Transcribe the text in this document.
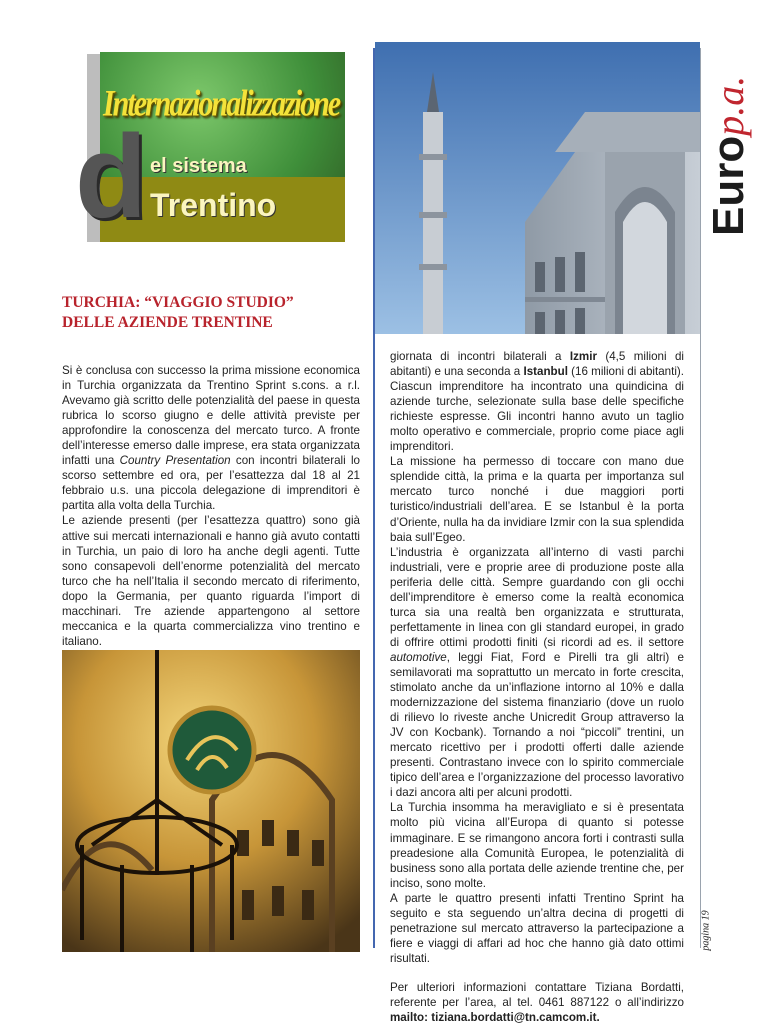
Internazionalizzazione
d el sistema
Trentino	Europ.a.
TURCHIA: “VIAGGIO STUDIO”
DELLE AZIENDE TRENTINE

Si è conclusa con successo la prima missione economica in Turchia organizzata da Trentino Sprint s.cons. a r.l. Avevamo già scritto delle potenzialità del paese in questa rubrica lo scorso giugno e delle attività previste per approfondire la conoscenza del mercato turco. A fronte dell’interesse emerso dalle imprese, era stata organizzata infatti una Country Presentation con incontri bilaterali lo scorso settembre ed ora, per l’esattezza dal 18 al 21 febbraio u.s. una piccola delegazione di imprenditori è partita alla volta della Turchia.

Le aziende presenti (per l’esattezza quattro) sono già attive sui mercati internazionali e hanno già avuto contatti in Turchia, un paio di loro ha anche degli agenti. Tutte sono consapevoli dell’enorme potenzialità del mercato turco che ha nell’Italia il secondo mercato di riferimento, dopo la Germania, per quanto riguarda l’import di macchinari. Tre aziende appartengono al settore meccanica e la quarta commercializza vino trentino e italiano.

giornata di incontri bilaterali a Izmir (4,5 milioni di abitanti) e una seconda a Istanbul (16 milioni di abitanti). Ciascun imprenditore ha incontrato una quindicina di aziende turche, selezionate sulla base delle specifiche richieste espresse. Gli incontri hanno avuto un taglio molto operativo e commerciale, proprio come piace agli imprenditori.

La missione ha permesso di toccare con mano due splendide città, la prima e la quarta per importanza sul mercato turco nonché i due maggiori porti turistico/industriali dell’area. E se Istanbul è la porta d’Oriente, nulla ha da invidiare Izmir con la sua splendida baia sull’Egeo.

L’industria è organizzata all’interno di vasti parchi industriali, vere e proprie aree di produzione poste alla periferia delle città. Sempre guardando con gli occhi dell’imprenditore è emerso come la realtà economica turca sia una realtà ben organizzata e strutturata, perfettamente in linea con gli standard europei, in grado di offrire ottimi prodotti finiti (si ricordi ad es. il settore automotive, leggi Fiat, Ford e Pirelli tra gli altri) e semilavorati ma soprattutto un mercato in forte crescita, stimolato anche da un’inflazione intorno al 10% e dalla modernizzazione del sistema finanziario (dove un ruolo di rilievo lo riveste anche Unicredit Group attraverso la JV con Kocbank). Tornando a noi “piccoli” trentini, un mercato ricettivo per i prodotti offerti dalle aziende presenti. Contrastano invece con lo spirito commerciale tipico dell’area e l’organizzazione del processo lavorativo i dazi ancora alti per alcuni prodotti.

La Turchia insomma ha meravigliato e si è presentata molto più vicina all’Europa di quanto si potesse immaginare. E se rimangono ancora forti i contrasti sulla preadesione alla Comunità Europea, le potenzialità di business sono alla portata delle aziende trentine che, per inciso, sono molte.

A parte le quattro presenti infatti Trentino Sprint ha seguito e sta seguendo un’altra decina di progetti di penetrazione sul mercato attraverso la partecipazione a fiere e viaggi di affari ad hoc che hanno già dato ottimi risultati.

Per ulteriori informazioni contattare Tiziana Bordatti, referente per l’area, al tel. 0461 887122 o all’indirizzo mailto: tiziana.bordatti@tn.camcom.it.

pagina 19
